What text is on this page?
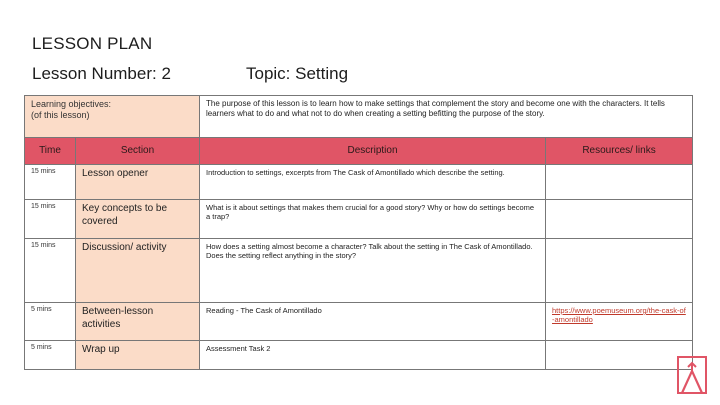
LESSON PLAN
Lesson Number: 2	Topic: Setting
Learning objectives:
(of this lesson)		The purpose of this lesson is to learn how to make settings that complement the story and become one with the characters. It tells learners what to do and what not to do when creating a setting befitting the purpose of the story.	
Time	Section	Description	Resources/ links
15 mins	Lesson opener	Introduction to settings, excerpts from The Cask of Amontillado which describe the setting.	
15 mins	Key concepts to be covered	What is it about settings that makes them crucial for a good story? Why or how do settings become a trap?	
15 mins	Discussion/ activity	How does a setting almost become a character? Talk about the setting in The Cask of Amontillado. Does the setting reflect anything in the story?	
5 mins	Between-lesson activities	Reading - The Cask of Amontillado	https://www.poemuseum.org/the-cask-of-amontillado
5 mins	Wrap up	Assessment Task 2	
